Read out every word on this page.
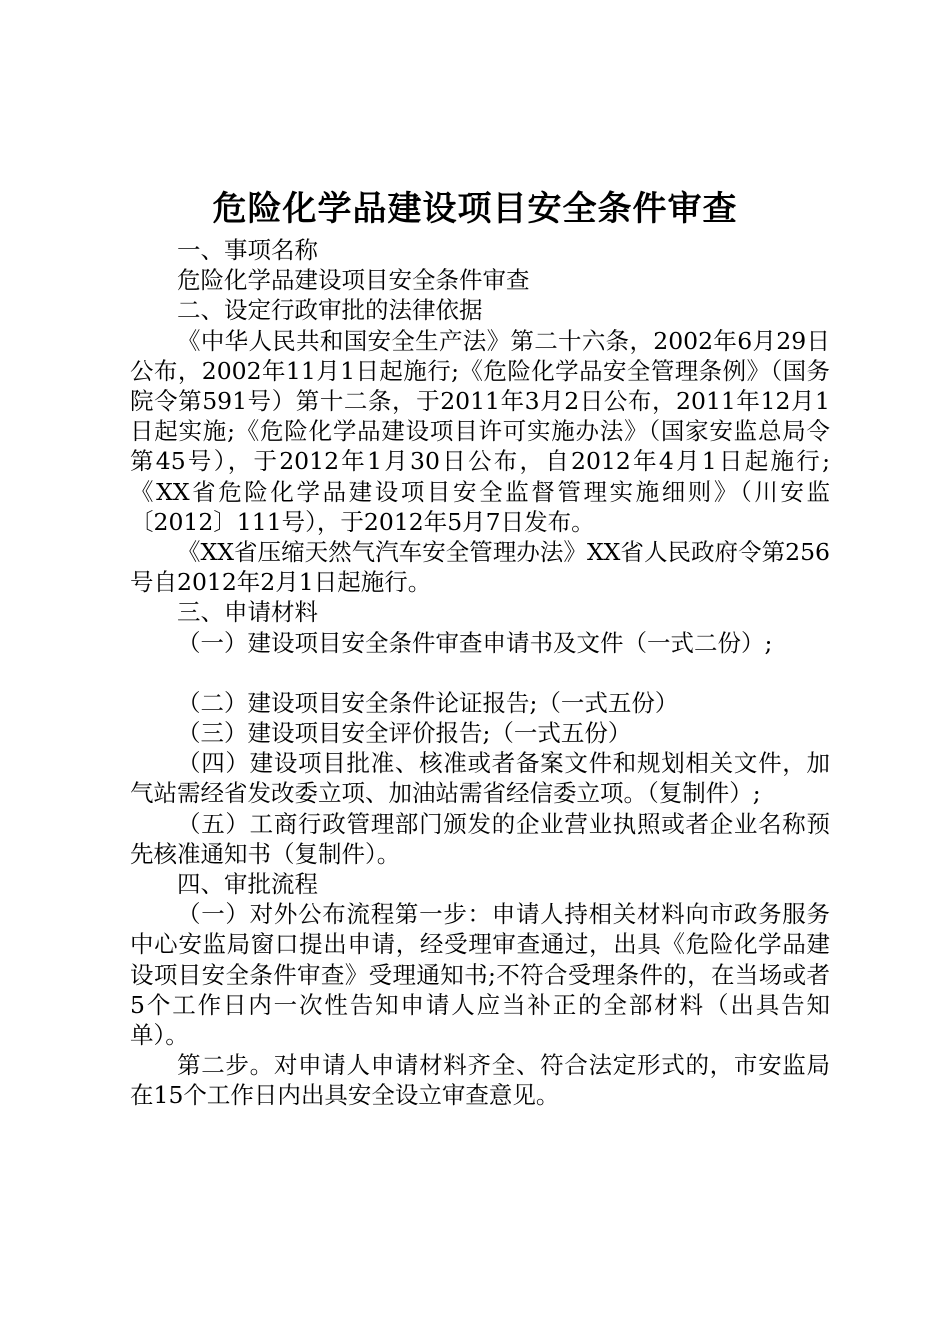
危险化学品建设项目安全条件审查

一、事项名称

危险化学品建设项目安全条件审查

二、设定行政审批的法律依据

《中华人民共和国安全生产法》第二十六条，2002年6月29日公布，2002年11月1日起施行;《危险化学品安全管理条例》（国务院令第591号）第十二条，于2011年3月2日公布，2011年12月1日起实施;《危险化学品建设项目许可实施办法》（国家安监总局令第45号），于2012年1月30日公布，自2012年4月1日起施行;《XX省危险化学品建设项目安全监督管理实施细则》（川安监〔2012〕111号），于2012年5月7日发布。

《XX省压缩天然气汽车安全管理办法》XX省人民政府令第256号自2012年2月1日起施行。

三、申请材料

（一）建设项目安全条件审查申请书及文件（一式二份）;

（二）建设项目安全条件论证报告;（一式五份）

（三）建设项目安全评价报告;（一式五份）

（四）建设项目批准、核准或者备案文件和规划相关文件，加气站需经省发改委立项、加油站需省经信委立项。（复制件）;

（五）工商行政管理部门颁发的企业营业执照或者企业名称预先核准通知书（复制件）。

四、审批流程

（一）对外公布流程第一步：申请人持相关材料向市政务服务中心安监局窗口提出申请，经受理审查通过，出具《危险化学品建设项目安全条件审查》受理通知书;不符合受理条件的，在当场或者5个工作日内一次性告知申请人应当补正的全部材料（出具告知单）。

第二步。对申请人申请材料齐全、符合法定形式的，市安监局在15个工作日内出具安全设立审查意见。
